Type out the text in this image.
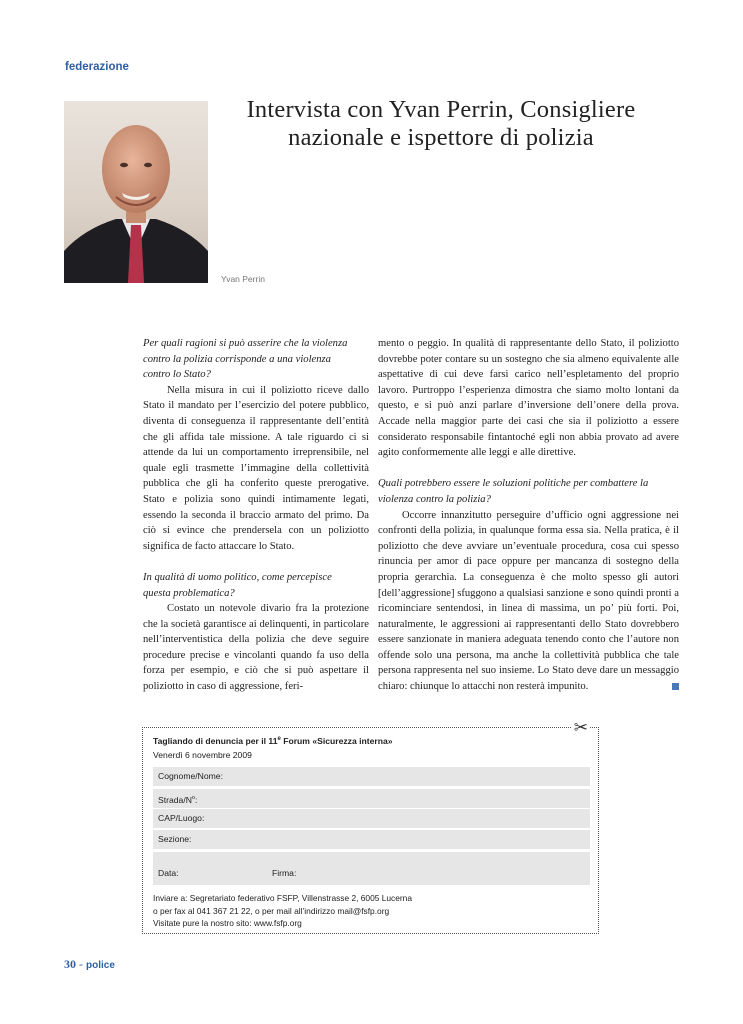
federazione
Intervista con Yvan Perrin, Consigliere
nazionale e ispettore di polizia
Yvan Perrin
Per quali ragioni si può asserire che la violenza
contro la polizia corrisponde a una violenza
contro lo Stato?

Nella misura in cui il poliziotto riceve dallo Stato il mandato per l’esercizio del potere pubblico, diventa di conseguenza il rappresentante dell’entità che gli affida tale missione. A tale riguardo ci si attende da lui un comportamento irreprensibile, nel quale egli trasmette l’immagine della collettività pubblica che gli ha conferito queste prerogative. Stato e polizia sono quindi intimamente legati, essendo la seconda il braccio armato del primo. Da ciò si evince che prendersela con un poliziotto significa de facto attaccare lo Stato.

In qualità di uomo politico, come percepisce
questa problematica?

Costato un notevole divario fra la protezione che la società garantisce ai delinquenti, in particolare nell’interventistica della polizia che deve seguire procedure precise e vincolanti quando fa uso della forza per esempio, e ciò che si può aspettare il poliziotto in caso di aggressione, feri-

mento o peggio. In qualità di rappresentante dello Stato, il poliziotto dovrebbe poter contare su un sostegno che sia almeno equivalente alle aspettative di cui deve farsi carico nell’espletamento del proprio lavoro. Purtroppo l’esperienza dimostra che siamo molto lontani da questo, e si può anzi parlare d’inversione dell’onere della prova. Accade nella maggior parte dei casi che sia il poliziotto a essere considerato responsabile fintantoché egli non abbia provato ad avere agito conformemente alle leggi e alle direttive.

Quali potrebbero essere le soluzioni politiche per combattere la
violenza contro la polizia?

Occorre innanzitutto perseguire d’ufficio ogni aggressione nei confronti della polizia, in qualunque forma essa sia. Nella pratica, è il poliziotto che deve avviare un’eventuale procedura, cosa cui spesso rinuncia per amor di pace oppure per mancanza di sostegno della propria gerarchia. La conseguenza è che molto spesso gli autori [dell’aggressione] sfuggono a qualsiasi sanzione e sono quindi pronti a ricominciare sentendosi, in linea di massima, un po’ più forti. Poi, naturalmente, le aggressioni ai rappresentanti dello Stato dovrebbero essere sanzionate in maniera adeguata tenendo conto che l’autore non offende solo una persona, ma anche la collettività pubblica che tale persona rappresenta nel suo insieme. Lo Stato deve dare un messaggio chiaro: chiunque lo attacchi non resterà impunito.

✂
Tagliando di denuncia per il 11e Forum «Sicurezza interna»
Venerdì 6 novembre 2009
Cognome/Nome:
Strada/$N^o$:
CAP/Luogo:
Sezione:
Data:	Firma:
Inviare a: Segretariato federativo FSFP, Villenstrasse 2, 6005 Lucerna
o per fax al 041 367 21 22, o per mail all’indirizzo mail@fsfp.org
Visitate pure la nostro sito: www.fsfp.org
30 - police
